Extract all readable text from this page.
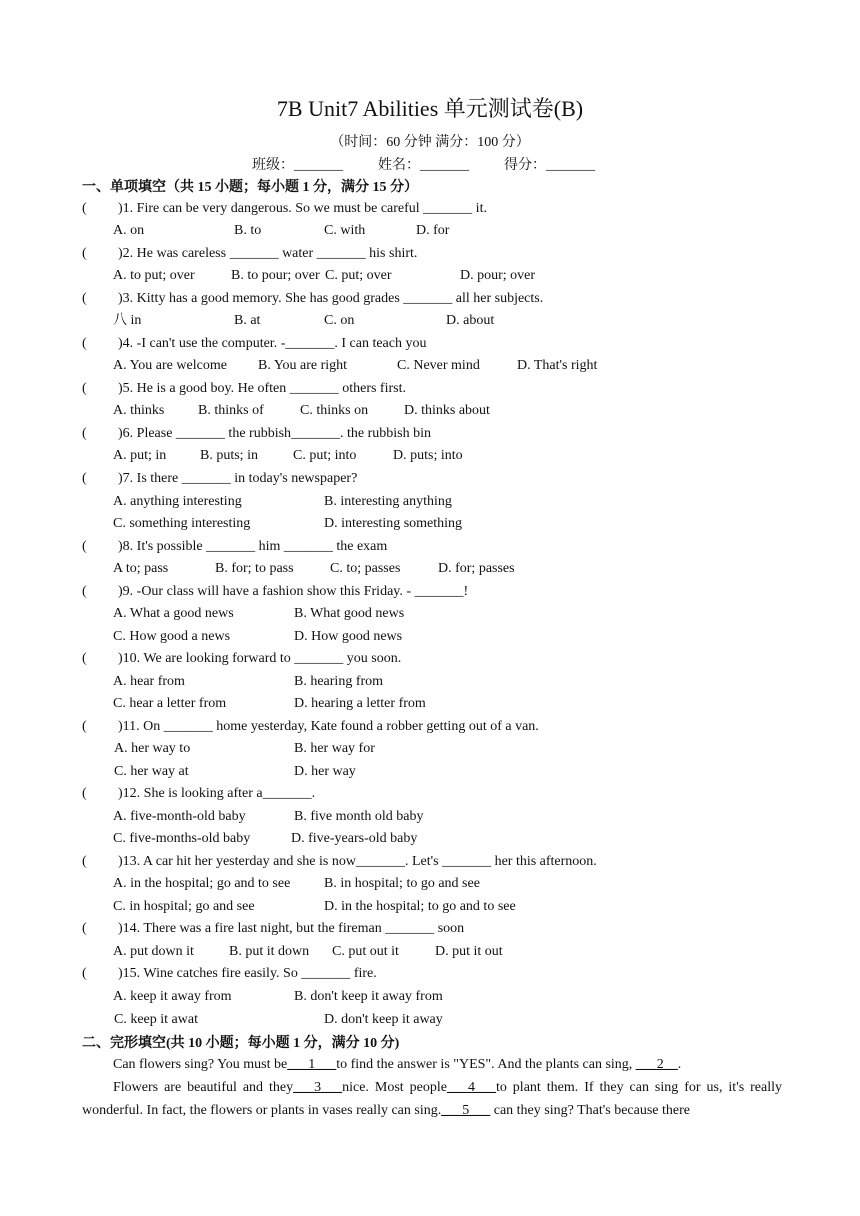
7B Unit7 Abilities 单元测试卷(B)
（时间：60 分钟 满分：100 分）
班级：_______	姓名：_______	得分：_______
一、单项填空（共 15 小题；每小题 1 分，满分 15 分）
( )1. Fire can be very dangerous. So we must be careful _______ it.
A. on	B. to	C. with	D. for
( )2. He was careless _______ water _______ his shirt.
A. to put; over	B. to pour; over C. put; over	D. pour; over
( )3. Kitty has a good memory. She has good grades _______ all her subjects.
八 in	B. at	C. on	D. about
( )4. -I can't use the computer. -_______. I can teach you
A. You are welcome B. You are right	C. Never mind	D. That's right
( )5. He is a good boy. He often _______ others first.
A. thinks B. thinks of	C. thinks on	D. thinks about
( )6. Please _______ the rubbish_______. the rubbish bin
A. put; in B. puts; in	C. put; into	D. puts; into
( )7. Is there _______ in today's newspaper?
A. anything interesting	B. interesting anything
C. something interesting	D. interesting something
( )8. It's possible _______ him _______ the exam
A to; pass	B. for; to pass	C. to; passes	D. for; passes
( )9. -Our class will have a fashion show this Friday. - _______!
A. What a good news	B. What good news
C. How good a news	D. How good news
( )10. We are looking forward to _______ you soon.
A. hear from	B. hearing from
C. hear a letter from	D. hearing a letter from
( )11. On _______ home yesterday, Kate found a robber getting out of a van.
A. her way to	B. her way for
C. her way at	D. her way
( )12. She is looking after a_______.
A. five-month-old baby	B. five month old baby
C. five-months-old baby	D. five-years-old baby
( )13. A car hit her yesterday and she is now_______. Let's _______ her this afternoon.
A. in the hospital; go and to see B. in hospital; to go and see
C. in hospital; go and see	D. in the hospital; to go and to see
( )14. There was a fire last night, but the fireman _______ soon
A. put down it	B. put it down C. put out it	D. put it out
( )15. Wine catches fire easily. So _______ fire.
A. keep it away from	B. don't keep it away from
C. keep it awat	D. don't keep it away
二、完形填空(共 10 小题；每小题 1 分，满分 10 分)
Can flowers sing? You must be___1___to find the answer is "YES". And the plants can sing, ___2__.
Flowers are beautiful and they___3___nice. Most people___4___to plant them. If they can sing for us, it's really wonderful. In fact, the flowers or plants in vases really can sing.___5___ can they sing? That's because there
